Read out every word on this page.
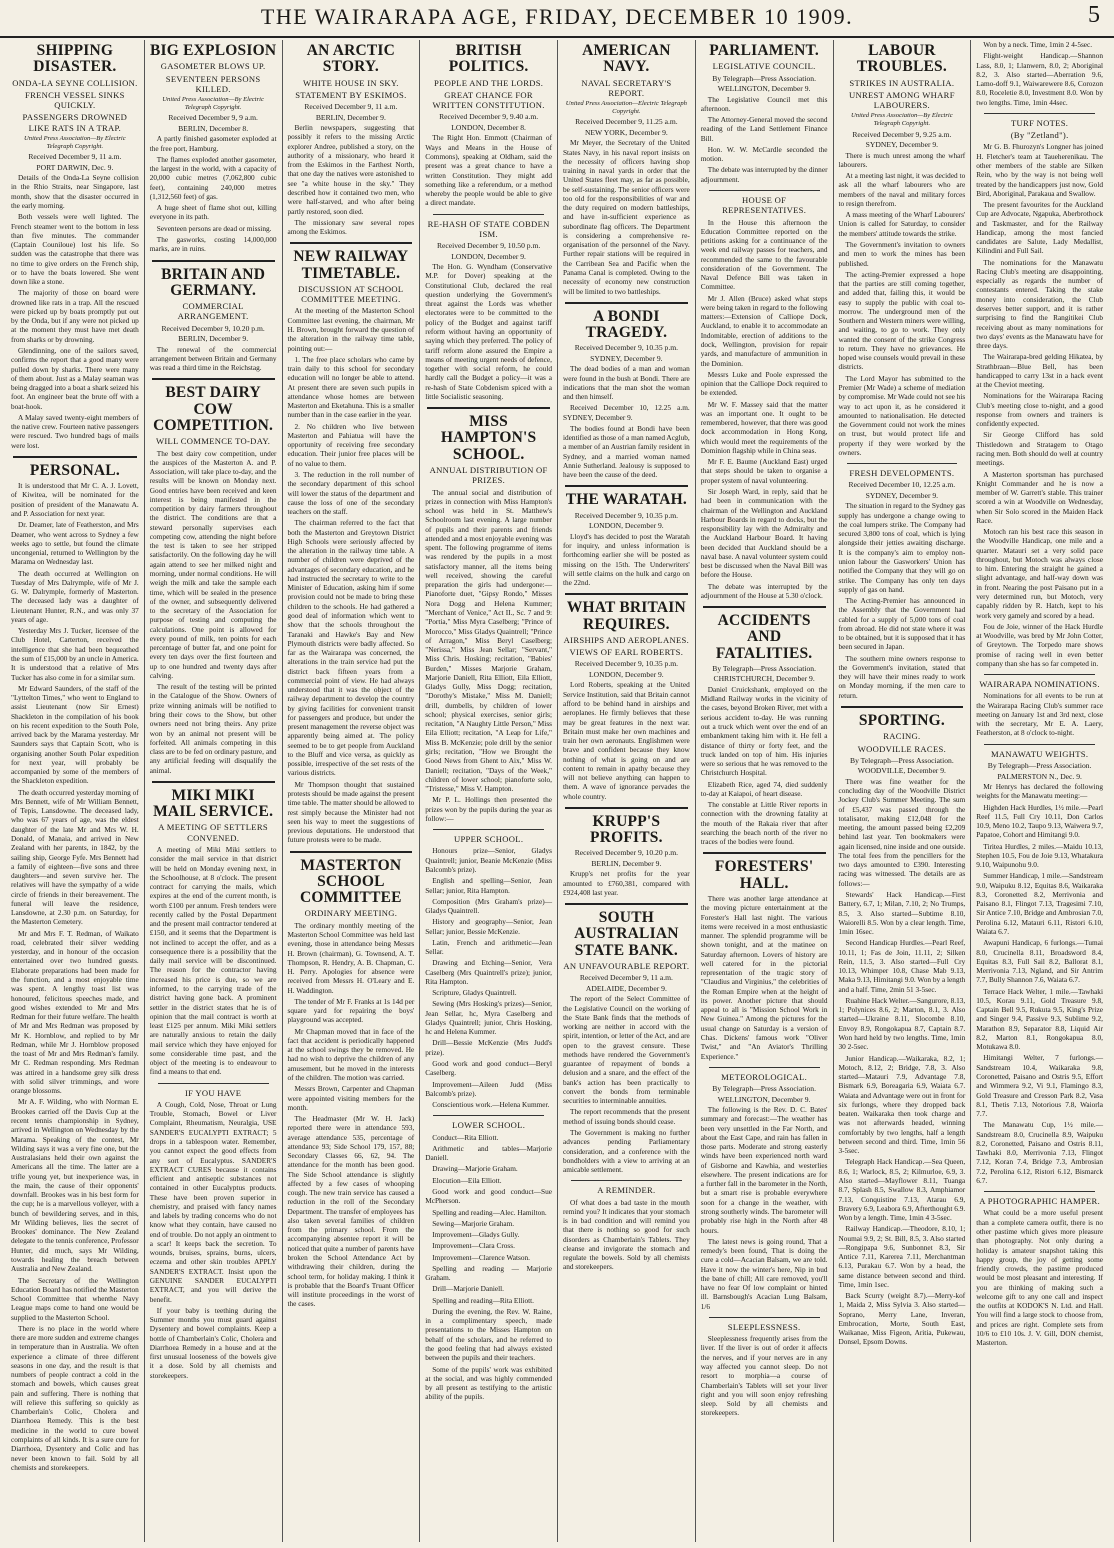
THE WAIRARAPA AGE, FRIDAY, DECEMBER 10 1909.	5
SHIPPING DISASTER.
ONDA-LA SEYNE COLLISION.
FRENCH VESSEL SINKS QUICKLY.
PASSENGERS DROWNED LIKE RATS IN A TRAP.
United Press Association—By Electric Telegraph Copyright.
Received December 9, 11 a.m.
PORT DARWIN, Dec. 9.

Details of the Onda-La Seyne collision in the Rhio Straits, near Singapore, last month, show that the disaster occurred in the early morning.

Both vessels were well lighted. The French steamer went to the bottom in less than five minutes. The commander (Captain Couniloue) lost his life. So sudden was the catastrophe that there was no time to give orders on the French ship, or to have the boats lowered. She went down like a stone.

The majority of those on board were drowned like rats in a trap. All the rescued were picked up by boats promptly put out by the Onda, but if any were not picked up at the moment they must have met death from sharks or by drowning.

Glendinning, one of the sailors saved, confirms the report that a good many were pulled down by sharks. There were many of them about. Just as a Malay seaman was being dragged into a boat a shark seized his foot. An engineer beat the brute off with a boat-hook.

A Malay saved twenty-eight members of the native crew. Fourteen native passengers were rescued. Two hundred bags of mails were lost.

PERSONAL.

It is understood that Mr C. A. J. Lovett, of Kiwitea, will be nominated for the position of president of the Manawatu A. and P. Association for next year.

Dr. Deamer, late of Featherston, and Mrs Deamer, who went across to Sydney a few weeks ago to settle, but found the climate uncongenial, returned to Wellington by the Marama on Wednesday last.

The death occurred at Wellington on Tuesday of Mrs Dalrymple, wife of Mr J. G. W. Dalrymple, formerly of Masterton. The deceased lady was a daughter of Lieutenant Hunter, R.N., and was only 37 years of age.

Yesterday Mrs J. Tucker, licensee of the Club Hotel, Carterton, received the intelligence that she had been bequeathed the sum of £15,000 by an uncle in America. It is understood that a relative of Mrs Tucker has also come in for a similar sum.

Mr Edward Saunders, of the staff of the "Lyttelton Times," who went to England to assist Lieutenant (now Sir Ernest) Shackleton in the compilation of his book on his recent expedition to the South Pole, arrived back by the Marama yesterday. Mr Saunders says that Captain Scott, who is organising another South Polar expedition for next year, will probably be accompanied by some of the members of the Shackleton expedition.

The death occurred yesterday morning of Mrs Bennett, wife of Mr William Bennett, of Tepis, Lansdowne. The deceased lady, who was 67 years of age, was the eldest daughter of the late Mr and Mrs W. H. Donald, of Manaia, and arrived in New Zealand with her parents, in 1842, by the sailing ship, George Fyfe. Mrs Bennett had a family of eighteen—five sons and three daughters—and seven survive her. The relatives will have the sympathy of a wide circle of friends in their bereavement. The funeral will leave the residence, Lansdowne, at 2.30 p.m. on Saturday, for the Masterton Cemetery.

Mr and Mrs F. T. Redman, of Waikato road, celebrated their silver wedding yesterday, and in honour of the occasion entertained over two hundred guests. Elaborate preparations had been made for the function, and a most enjoyable time was spent. A lengthy toast list was honoured, felicitous speeches made, and good wishes extended to Mr and Mrs Redman for their future welfare. The health of Mr and Mrs Redman was proposed by Mr K. Hornblow, and replied to by Mr Redman, while Mr J. Hornblow proposed the toast of Mr and Mrs Redman's family. Mr C. Redman responding. Mrs Redman was attired in a handsome grey silk dress with solid silver trimmings, and wore orange blossoms.

Mr A. F. Wilding, who with Norman E. Brookes carried off the Davis Cup at the recent tennis championship in Sydney, arrived in Wellington on Wednesday by the Marama. Speaking of the contest, Mr Wilding says it was a very fine one, but the Australasians held their own against the Americans all the time. The latter are a trifle young yet, but inexperience was, in the main, the cause of their opponents' downfall. Brookes was in his best form for the cup; he is a marvellous volleyer, with a bunch of bewildering serves, and in this, Mr Wilding believes, lies the secret of Brookes' dominance. The New Zealand delegate to the tennis conference, Professor Hunter, did much, says Mr Wilding, towards healing the breach between Australia and New Zealand.

The Secretary of the Wellington Education Board has notified the Masterton School Committee that whenthe Navy League maps come to hand one would be supplied to the Masterton School.

There is no place in the world where there are more sudden and extreme changes in temperature than in Australia. We often experience a climate of three different seasons in one day, and the result is that numbers of people contract a cold in the stomach and bowels, which causes great pain and suffering. There is nothing that will relieve this suffering so quickly as Chamberlain's Colic, Cholera and Diarrhoea Remedy. This is the best medicine in the world to cure bowel complaints of all kinds. It is a sure cure for Diarrhoea, Dysentery and Colic and has never been known to fail. Sold by all chemists and storekeepers.

BIG EXPLOSION
GASOMETER BLOWS UP.
SEVENTEEN PERSONS KILLED.
United Press Association—By Electric Telegraph Copyright.
Received December 9, 9 a.m.
BERLIN, December 8.

A partly finished gasometer exploded at the free port, Hamburg.

The flames exploded another gasometer, the largest in the world, with a capacity of 20,000 cubic metres (7,062,800 cubic feet), containing 240,000 metres (1,312,560 feet) of gas.

A huge sheet of flame shot out, killing everyone in its path.

Seventeen persons are dead or missing.

The gasworks, costing 14,000,000 marks, are in ruins.

BRITAIN AND GERMANY.
COMMERCIAL ARRANGEMENT.
Received December 9, 10.20 p.m.
BERLIN, December 9.

The renewal of the commercial arrangement between Britain and Germany was read a third time in the Reichstag.

BEST DAIRY COW COMPETITION.
WILL COMMENCE TO-DAY.

The best dairy cow competition, under the auspices of the Masterton A. and P. Association, will take place to-day, and the results will be known on Monday next. Good entries have been received and keen interest is being manifested in the competition by dairy farmers throughout the district. The conditions are that a steward personally supervises each competing cow, attending the night before the test is taken to see her stripped satisfactorily. On the following day he will again attend to see her milked night and morning, under normal conditions. He will weigh the milk and take the sample each time, which will be sealed in the presence of the owner, and subsequently delivered to the secretary of the Association for purpose of testing and computing the calculations. One point is allowed for every pound of milk, ten points for each percentage of butter fat, and one point for every ten days over the first fourteen and up to one hundred and twenty days after calving.

The result of the testing will be printed in the Catalogue of the Show. Owners of prize winning animals will be notified to bring their cows to the Show, but other owners need not bring theirs. Any prize won by an animal not present will be forfeited. All animals competing in this class are to be fed on ordinary pasture, and any artificial feeding will disqualify the animal.

MIKI MIKI MAIL SERVICE.
A MEETING OF SETTLERS CONVENED.

A meeting of Miki Miki settlers to consider the mail service in that district will be held on Monday evening next, in the Schoolhouse, at 8 o'clock. The present contract for carrying the mails, which expires at the end of the current month, is worth £100 per annum. Fresh tenders were recently called by the Postal Department and the present mail contractor tendered at £150, and it seems that the Department is not inclined to accept the offer, and as a consequence there is a possibility that the daily mail service will be discontinued. The reason for the contractor having increased his price is due, so we are informed, to the carrying trade of the district having gone back. A prominent settler in the district states that he is of opinion that the mail contract is worth at least £125 per annum. Miki Miki settlers are naturally anxious to retain the daily mail service which they have enjoyed for some considerable time past, and the object of the meeting is to endeavour to find a means to that end.

IF YOU HAVE

A Cough, Cold, Nose, Throat or Lung Trouble, Stomach, Bowel or Liver Complaint, Rheumatism, Neuralgia, USE SANDER'S EUCALYPTI EXTRACT; 5 drops in a tablespoon water. Remember, you cannot expect the good effects from any sort of Eucalyptus. SANDER'S EXTRACT CURES because it contains efficient and antiseptic substances not contained in other Eucalyptus products. These have been proven superior in chemistry, and praised with fancy names and labels by trading concerns who do not know what they contain, have caused no end of trouble. Do not apply an ointment to a scar! It keeps back the secretion. To wounds, bruises, sprains, burns, ulcers, eczema and other skin troubles APPLY SANDER'S EXTRACT. Insist upon the GENUINE SANDER EUCALYPTI EXTRACT, and you will derive the benefit.

If your baby is teething during the Summer months you must guard against Dysentery and bowel complaints. Keep a bottle of Chamberlain's Colic, Cholera and Diarrhoea Remedy in a house and at the first unusual looseness of the bowels give it a dose. Sold by all chemists and storekeepers.

AN ARCTIC STORY.
WHITE HOUSE IN SKY.
STATEMENT BY ESKIMOS.
Received December 9, 11 a.m.
BERLIN, December 9.

Berlin newspapers, suggesting that possibly it refers to the missing Arctic explorer Andree, published a story, on the authority of a missionary, who heard it from the Eskimos in the Farthest North, that one day the natives were astonished to see "a white house in the sky." They described how it contained two men, who were half-starved, and who after being partly restored, soon died.

The missionary saw several ropes among the Eskimos.

NEW RAILWAY TIMETABLE.
DISCUSSION AT SCHOOL COMMITTEE MEETING.

At the meeting of the Masterton School Committee last evening, the chairman, Mr H. Brown, brought forward the question of the alteration in the railway time table, pointing out:—

1. The free place scholars who came by train daily to this school for secondary education will no longer be able to attend. At present there are seven such pupils in attendance whose homes are between Masterton and Eketahuna. This is a smaller number than in the case earlier in the year.

2. No children who live between Masterton and Pahiatua will have the opportunity of receiving free secondary education. Their junior free places will be of no value to them.

3. The reduction in the roll number of the secondary department of this school will lower the status of the department and cause the loss of one of the secondary teachers on the staff.

The chairman referred to the fact that both the Masterton and Greytown District High Schools were seriously affected by the alteration in the railway time table. A number of children were deprived of the advantages of secondary education, and he had instructed the secretary to write to the Minister of Education, asking him if some provision could not be made to bring these children to the schools. He had gathered a good deal of information which went to show that the schools throughout the Taranaki and Hawke's Bay and New Plymouth districts were badly affected. So far as the Wairarapa was concerned, the alterations in the train service had put the district back fifteen years from a commercial point of view. He had always understood that it was the object of the railway department to develop the country by giving facilities for convenient transit for passengers and produce, but under the present management the reverse object was apparently being aimed at. The policy seemed to be to get people from Auckland to the Bluff and vice versa, as quickly as possible, irrespective of the set rests of the various districts.

Mr Thompson thought that sustained protests should be made against the present time table. The matter should be allowed to rest simply because the Minister had not seen his way to meet the suggestions of previous deputations. He understood that future protests were to be made.

MASTERTON SCHOOL COMMITTEE
ORDINARY MEETING.

The ordinary monthly meeting of the Masterton School Committee was held last evening, those in attendance being Messrs H. Brown (chairman), G. Townsend, A. T. Thompson, R. Hendry, A. B. Chapman, C. H. Perry. Apologies for absence were received from Messrs H. O'Leary and E. H. Waddington.

The tender of Mr F. Franks at 1s 14d per square yard for repairing the boys' playground was accepted.

Mr Chapman moved that in face of the fact that accident is periodically happened at the school swings they be removed. He had no wish to deprive the children of any amusement, but he moved in the interests of the children. The motion was carried.

Messrs Brown, Carpenter and Chapman were appointed visiting members for the month.

The Headmaster (Mr W. H. Jack) reported there were in attendance 593, average attendance 535, percentage of attendance 93; Side School 179, 157, 88; Secondary Classes 66, 62, 94. The attendance for the month has been good. The Side School attendance is slightly affected by a few cases of whooping cough. The new train service has caused a reduction in the roll of the Secondary Department. The transfer of employees has also taken several families of children from the primary school. From the accompanying absentee report it will be noticed that quite a number of parents have broken the School Attendance Act by withdrawing their children, during the school term, for holiday making. I think it is probable that the Board's Truant Officer will institute proceedings in the worst of the cases.

BRITISH POLITICS.
PEOPLE AND THE LORDS.
GREAT CHANCE FOR WRITTEN CONSTITUTION.
Received December 9, 9.40 a.m.
LONDON, December 8.

The Right Hon. Emmott (Chairman of Ways and Means in the House of Commons), speaking at Oldham, said the present was a great chance to have a written Constitution. They might add something like a referendum, or a method whereby the people would be able to give a direct mandate.

RE-HASH OF STATE COBDEN ISM.
Received December 9, 10.50 p.m.
LONDON, December 9.

The Hon. G. Wyndham (Conservative M.P. for Dover) speaking at the Constitutional Club, declared the real question underlying the Government's threat against the Lords was whether electorates were to be committed to the policy of the Budget and against tariff reform without having an opportunity of saying which they preferred. The policy of tariff reform alone assured the Empire a means of meeting urgent needs of defence, together with social reform, he could hardly call the Budget a policy—it was a re-hash of State Cobdenism spiced with a little Socialistic seasoning.

MISS HAMPTON'S SCHOOL.
ANNUAL DISTRIBUTION OF PRIZES.

The annual social and distribution of prizes in connection with Miss Hampton's school was held in St. Matthew's Schoolroom last evening. A large number of pupils and their parents and friends attended and a most enjoyable evening was spent. The following programme of items was rendered by the pupils in a most satisfactory manner, all the items being well received, showing the careful preparation the girls had undergone:—Pianoforte duet, "Gipsy Rondo," Misses Nora Dogg and Helena Kummer; "Merchant of Venice," Act II., Sc. 7 and 9: "Portia," Miss Myra Caselberg; "Prince of Morocco," Miss Gladys Quaintrell; "Prince of Arragon," Miss Beryl Caselberg; "Nerissa," Miss Jean Sellar; "Servant," Miss Chris. Hosking; recitation, "Babies' Burden," Misses Marjorie Graham, Marjorie Daniell, Rita Elliott, Eila Elliott, Gladys Gully, Miss Dogg; recitation, "Dorothy's Mistake," Miss M. Daniell; drill, dumbells, by children of lower school; physical exercises, senior girls; recitation, "A Naughty Little Person," Miss Eila Elliott; recitation, "A Leap for Life," Miss B. McKenzie; pole drill by the senior girls; recitation, "How we Brought the Good News from Ghent to Aix," Miss W. Daniell; recitation, "Days of the Week," children of lower school; pianoforte solo, "Tristesse," Miss V. Hampton.

Mr P. L. Hollings then presented the prizes won by the pupils during the year as follow:—

UPPER SCHOOL.

Honours prize—Senior, Gladys Quaintrell; junior, Beanie McKenzie (Miss Balcomb's prize).

English and spelling—Senior, Jean Sellar; junior, Rita Hampton.

Composition (Mrs Graham's prize)—Gladys Quaintrell.

History and geography—Senior, Jean Sellar; junior, Bessie McKenzie.

Latin, French and arithmetic—Jean Sellar.

Drawing and Etching—Senior, Vera Caselberg (Mrs Quaintrell's prize); junior, Rita Hampton.

Scripture, Gladys Quaintrell.

Sewing (Mrs Hosking's prizes)—Senior, Jean Sellar, hc, Myra Caselberg and Gladys Quaintrell; junior, Chris Hosking, hc and Helena Kummer.

Drill—Bessie McKenzie (Mrs Judd's prize).

Good work and good conduct—Beryl Caselberg.

Improvement—Aileen Judd (Miss Balcomb's prize).

Conscientious work.—Helena Kummer.

LOWER SCHOOL.

Conduct—Rita Elliott.

Arithmetic and tables—Marjorie Daniell.

Drawing—Marjorie Graham.

Elocution—Eila Elliott.

Good work and good conduct—Sue McPherson.

Spelling and reading—Alec. Hamilton.

Sewing—Marjorie Graham.

Improvement—Gladys Gully.

Improvement—Clara Cross.

Improvement—Clarence Watson.

Spelling and reading — Marjorie Graham.

Drill—Marjorie Daniell.

Spelling and reading—Rita Elliott.

During the evening, the Rev. W. Raine, in a complimentary speech, made presentations to the Misses Hampton on behalf of the scholars, and he referred to the good feeling that had always existed between the pupils and their teachers.

Some of the pupils' work was exhibited at the social, and was highly commended by all present as testifying to the artistic ability of the pupils.

AMERICAN NAVY.
NAVAL SECRETARY'S REPORT.
United Press Association—Electric Telegraph Copyright.
Received December 9, 11.25 a.m.
NEW YORK, December 9.

Mr Meyer, the Secretary of the United States Navy, in his naval report insists on the necessity of officers having shop training in naval yards in order that the United States fleet may, as far as possible, be self-sustaining. The senior officers were too old for the responsibilities of war and the duty required on modern battleships, and have in-sufficient experience as subordinate flag officers. The Department is considering a comprehensive re-organisation of the personnel of the Navy. Further repair stations will be required in the Carribean Sea and Pacific when the Panama Canal is completed. Owing to the necessity of economy new construction will be limited to two battleships.

A BONDI TRAGEDY.
Received December 9, 10.35 p.m.
SYDNEY, December 9.

The dead bodies of a man and woman were found in the bush at Bondi. There are indications that the man shot the woman and then himself.

Received December 10, 12.25 a.m. SYDNEY, December 9.

The bodies found at Bondi have been identified as those of a man named Acglub, a member of an Austrian family resident in Sydney, and a married woman named Annie Sutherland. Jealousy is supposed to have been the cause of the deed.

THE WARATAH.
Received December 9, 10.35 p.m.
LONDON, December 9.

Lloyd's has decided to post the Waratah for inquiry, and unless information is forthcoming earlier she will be posted as missing on the 15th. The Underwriters' will settle claims on the hulk and cargo on the 22nd.

WHAT BRITAIN REQUIRES.
AIRSHIPS AND AEROPLANES.
VIEWS OF EARL ROBERTS.
Received December 9, 10.35 p.m.
LONDON, December 9.

Lord Roberts, speaking at the United Service Institution, said that Britain cannot afford to be behind hand in airships and aeroplanes. He firmly believes that these may be great features in the next war. Britain must make her own machines and train her own aeronauts. Englishmen were brave and confident because they know nothing of what is going on and are content to remain in apathy because they will not believe anything can happen to them. A wave of ignorance pervades the whole country.

KRUPP'S PROFITS.
Received December 9, 10.20 p.m.
BERLIN, December 9.

Krupp's net profits for the year amounted to £760,381, compared with £924,408 last year.

SOUTH AUSTRALIAN STATE BANK.
AN UNFAVOURABLE REPORT.
Received December 9, 11 a.m.
ADELAIDE, December 9.

The report of the Select Committee of the Legislative Council on the working of the State Bank finds that the methods of working are neither in accord with the spirit, intention, or letter of the Act, and are open to the gravest censure. These methods have rendered the Government's guarantee of repayment of bonds a delusion and a snare, and the effect of the bank's action has been practically to convert the bonds from terminable securities to interminable annuities.

The report recommends that the present method of issuing bonds should cease.

The Government is making no further advances pending Parliamentary consideration, and a conference with the bondholders with a view to arriving at an amicable settlement.

A REMINDER.

Of what does a bad taste in the mouth remind you? It indicates that your stomach is in bad condition and will remind you that there is nothing so good for such disorders as Chamberlain's Tablets. They cleanse and invigorate the stomach and regulate the bowels. Sold by all chemists and storekeepers.

PARLIAMENT.
LEGISLATIVE COUNCIL.
By Telegraph—Press Association.
WELLINGTON, December 9.

The Legislative Council met this afternoon.

The Attorney-General moved the second reading of the Land Settlement Finance Bill.

Hon. W. W. McCardle seconded the motion.

The debate was interrupted by the dinner adjournment.

HOUSE OF REPRESENTATIVES.

In the House this afternoon the Education Committee reported on the petitions asking for a continuance of the week end railway passes for teachers, and recommended the same to the favourable consideration of the Government. The Naval Defence Bill was taken in Committee.

Mr J. Allen (Bruce) asked what steps were being taken in regard to the following matters:—Extension of Calliope Dock, Auckland, to enable it to accommodate an Indomitable, erection of additions to the dock, Wellington, provision for repair yards, and manufacture of ammunition in the Dominion.

Messrs Luke and Poole expressed the opinion that the Calliope Dock required to be extended.

Mr W. F. Massey said that the matter was an important one. It ought to be remembered, however, that there was good dock accommodation in Hong Kong, which would meet the requirements of the Dominion flagship while in China seas.

Mr F. E. Baume (Auckland East) urged that steps should be taken to organise a proper system of naval volunteering.

Sir Joseph Ward, in reply, said that he had been in communication with the chairman of the Wellington and Auckland Harbour Boards in regard to docks, but the responsibility lay with the Admiralty and the Auckland Harbour Board. It having been decided that Auckland should be a naval base. A naval volunteer system could best be discussed when the Naval Bill was before the House.

The debate was interrupted by the adjournment of the House at 5.30 o'clock.

ACCIDENTS AND FATALITIES.
By Telegraph—Press Association.
CHRISTCHURCH, December 9.

Daniel Cruickshank, employed on the Midland Railway works in the vicinity of the cases, beyond Broken River, met with a serious accident to-day. He was running out a truck which went over the end of an embankment taking him with it. He fell a distance of thirty or forty feet, and the truck landed on top of him. His injuries were so serious that he was removed to the Christchurch Hospital.

Elizabeth Rice, aged 74, died suddenly to-day at Kaiapoi, of heart disease.

The constable at Little River reports in connection with the drowning fatality at the mouth of the Rakaia river that after searching the beach north of the river no traces of the bodies were found.

FORESTERS' HALL.

There was another large attendance at the moving picture entertainment at the Forester's Hall last night. The various items were received in a most enthusiastic manner. The splendid programme will be shown tonight, and at the matinee on Saturday afternoon. Lovers of history are well catered for in the pictorial representation of the tragic story of "Claudius and Virginius," the celebrities of the Roman Empire when at the height of its power. Another picture that should appeal to all is "Mission School Work in New Guinea." Among the pictures for the usual change on Saturday is a version of Chas. Dickens' famous work "Oliver Twist," and "An Aviator's Thrilling Experience."

METEOROLOGICAL.
By Telegraph—Press Association.
WELLINGTON, December 9.

The following is the Rev. D. C. Bates' summary and forecast:—The weather has been very unsettled in the Far North, and about the East Cape, and rain has fallen in those parts. Moderate and strong easterly winds have been experienced north ward of Gisborne and Kawhia, and westerlies elsewhere. The present indications are for a further fall in the barometer in the North, but a smart rise is probable everywhere soon for a change in the weather, with strong southerly winds. The barometer will probably rise high in the North after 48 hours.

The latest news is going round, That a remedy's been found, That is doing the cure a cold—Acacian Balsam, we are told. Have it now the winter's here, Nip in bud the bane of chill; All care removed, you'll have no fear Of low complaint or hinted ill. Barnsbough's Acacian Lung Balsam, 1/6

SLEEPLESSNESS.

Sleeplessness frequently arises from the liver. If the liver is out of order it affects the nerves, and if your nerves are in any way affected you cannot sleep. Do not resort to morphia—a course of Chamberlain's Tablets will set your liver right and you will soon enjoy refreshing sleep. Sold by all chemists and storekeepers.

LABOUR TROUBLES.
STRIKES IN AUSTRALIA.
UNREST AMONG WHARF LABOURERS.
United Press Association—By Electric Telegraph Copyright.
Received December 9, 9.25 a.m.
SYDNEY, December 9.

There is much unrest among the wharf labourers.

At a meeting last night, it was decided to ask all the wharf labourers who are members of the naval and military forces to resign therefrom.

A mass meeting of the Wharf Labourers' Union is called for Saturday, to consider the members' attitude towards the strike.

The Government's invitation to owners and men to work the mines has been published.

The acting-Premier expressed a hope that the parties are still coming together, and added that, failing this, it would be easy to supply the public with coal to-morrow. The underground men of the Southern and Western miners were willing, and waiting, to go to work. They only wanted the consent of the strike Congress to return. They have no grievances. He hoped wise counsels would prevail in these districts.

The Lord Mayor has submitted to the Premier (Mr Wade) a scheme of mediation by compromise. Mr Wade could not see his way to act upon it, as he considered it amounted to nationalisation. He detected the Government could not work the mines on trust, but would protect life and property if they were worked by the owners.

FRESH DEVELOPMENTS.
Received December 10, 12.25 a.m.
SYDNEY, December 9.

The situation in regard to the Sydney gas supply has undergone a change owing to the coal lumpers strike. The Company had secured 3,800 tons of coal, which is lying alongside their jetties awaiting discharge. It is the company's aim to employ non-union labour the Gasworkers' Union has notified the Company that they will go on strike. The Company has only ten days supply of gas on hand.

The Acting-Premier has announced in the Assembly that the Government had cabled for a supply of 5,000 tons of coal from abroad. He did not state where it was to be obtained, but it is supposed that it has been secured in Japan.

The southern mine owners response to the Government's invitation, stated that they will have their mines ready to work on Monday morning, if the men care to return.

SPORTING.
RACING.
WOODVILLE RACES.
By Telegraph—Press Association.
WOODVILLE, December 9.

There was fine weather for the concluding day of the Woodville District Jockey Club's Summer Meeting. The sum of £5,437 was passed through the totalisator, making £12,048 for the meeting, the amount passed being £2,209 behind last year. Ten bookmakers were again licensed, nine inside and one outside. The total fees from the pencillers for the two days amounted to £390. Interesting racing was witnessed. The details are as follows:—

Stewards' Hack Handicap.—First Battery, 6.7, 1; Milan, 7.10, 2; No Trumps, 8.5, 3. Also started—Subtime 8.10, Waiorelli 8.5. Won by a clear length. Time, 1min 16sec.

Second Handicap Hurdles.—Pearl Reef, 10.11, 1; Fas de Join, 11.11, 2; Silken Rein, 11.5, 3. Also started—Full Cry 10.13, Whimper 10.8, Chase Mab 9.13, Maka 9.13, Himitangi 9.0. Won by a length and a half. Time, 2min 51 3-5sec.

Ruahine Hack Welter.—Sangurore, 8.13, 1; Polynices 8.6, 2; Marton, 8.1, 3. Also started—Ukraine 8.11, Slocombe 8.10, Envoy 8.9, Rongokapua 8.7, Captain 8.7. Won hard held by two lengths. Time, 1min 30 2-5sec.

Junior Handicap.—Waikaraka, 8.2, 1; Motoch, 8.12, 2; Bridge, 7.8, 3. Also started—Matauri 7.9, Advantage 7.8, Bismark 6.9, Boreagaria 6.9, Waiata 6.7. Waiata and Advantage were out in front for six furlongs, where they dropped back beaten. Waikaraka then took charge and was not afterwards headed, winning comfortably by two lengths, half a length between second and third. Time, 1min 56 3-5sec.

Telegraph Hack Handicap.—Sea Queen, 8.6, 1; Warlock, 8.5, 2; Kilmurloe, 6.9, 3. Also started—Mayflower 8.11, Tuanga 8.7, Splash 8.5, Swallow 8.3, Amphiamor 7.13, Conquistine 7.13, Atarau 6.9, Bravery 6.9, Leabora 6.9, Afterthought 6.9. Won by a length. Time, 1min 4 3-5sec.

Railway Handicap.—Theodore, 8.10, 1; Noumai 9.9, 2; St. Bill, 8.5, 3. Also started—Rongipapa 9.6, Sunbonnet 8.3, Sir Antice 7.11, Karerea 7.11, Merchantman 6.13, Purakau 6.7. Won by a head, the same distance between second and third. Time, 1min 1sec.

Back Scurry (weight 8.7).—Merry-kof 1, Maida 2, Miss Sylvia 3. Also started—Soprano, Merry Lane, Inveran, Embrocation, Morte, South East, Waikanae, Miss Figeon, Aritia, Pukewau, Donsel, Epsom Downs.

Won by a neck. Time, 1min 2 4-5sec.

Flight-weight Handicap.—Shannon Lass, 8.0, 1; Llanwern, 8.0, 2; Aboriginal 8.2, 3. Also started—Aberration 9.6, Lamo-doff 9.1, Waiwarewere 8.6, Corozon 8.0, Roceletie 8.0, Investment 8.0. Won by two lengths. Time, 1min 44sec.

TURF NOTES.
(By "Zetland").

Mr G. B. Fhurozyn's Longner has joined H. Fletcher's team at Taueherenikau. The other members of the stable are Silken Rein, who by the way is not being well treated by the handicappers just now, Gold Bird, Aboriginal, Parakaua and Swallow.

The present favourites for the Auckland Cup are Advocate, Ngapuka, Aberbrothock and Taskmaster, and for the Railway Handicap, among the most fancied candidates are Salute, Lady Medallist, Kilindini and Full Sail.

The nominations for the Manawatu Racing Club's meeting are disappointing, especially as regards the number of contestants entered. Taking the stake money into consideration, the Club deserves better support, and it is rather surprising to find the Rangitikei Club receiving about as many nominations for two days' events as the Manawatu have for three days.

The Wairarapa-bred gelding Hikatea, by Strathbraan—Blue Bell, has been handicapped to carry 13st in a hack event at the Cheviot meeting.

Nominations for the Wairarapa Racing Club's meeting close to-night, and a good response from owners and trainers is confidently expected.

Sir George Clifford has sold Thistledown and Stratagem to Otago racing men. Both should do well at country meetings.

A Masterton sportsman has purchased Knight Commander and he is now a member of W. Garrett's stable. This trainer scored a win at Woodville on Wednesday, when Sir Solo scored in the Maiden Hack Race.

Motoch ran his best race this season in the Woodville Handicap, one mile and a quarter. Matauri set a very solid pace throughout, but Motoch was always close to him. Entering the straight he gained a slight advantage, and half-way down was in front. Nearing the post Paisano put in a very determined run, but Motoch, very capably ridden by R. Hatch, kept to his work very gamely and scored by a head.

Fou de Joie, winner of the Hack Hurdle at Woodville, was bred by Mr John Cotter, of Greytown. The Torpedo mare shows promise of racing well in even better company than she has so far competed in.

WAIRARAPA NOMINATIONS.

Nominations for all events to be run at the Wairarapa Racing Club's summer race meeting on January 1st and 3rd next, close with the secretary, Mr E. A. Laery, Featherston, at 8 o'clock to-night.

MANAWATU WEIGHTS.
By Telegraph—Press Association.
PALMERSTON N., Dec. 9.

Mr Henrys has declared the following weights for the Manawatu meeting:—

Highden Hack Hurdles, 1½ mile.—Pearl Reef 11.5, Full Cry 10.11, Don Carlos 10.9, Meno 10.2, Taupo 9.13, Waiwera 9.7, Papatoe, Cohort and Himitangi 9.0.

Tiritea Hurdles, 2 miles.—Maidu 10.13, Stephen 10.5, Fou de Joie 9.13, Whatakura 9.10, Waipunohu 9.0.

Summer Handicap, 1 mile.—Sandstream 9.0, Waipuku 8.12, Equitas 8.6, Waikaraka 8.3, Coronetted 8.2, Merrivonia and Paisano 8.1, Flingot 7.13, Tragesimi 7.10, Sir Antice 7.10, Bridge and Ambrosian 7.0, Perolina 6.12, Matauri 6.11, Ristori 6.10, Waiata 6.7.

Awapuni Handicap, 6 furlongs.—Tumai 8.0, Crucinella 8.11, Broadsword 8.4, Equitas 8.3, Full Sail 8.2, Ballorat 8.1, Merrivonia 7.13, Ngland, and Sir Antrim 7.7, Bully Shannon 7.6, Waiata 6.7.

Terrace Hack Welter, 1 mile.—Tawhaki 10.5, Korau 9.11, Gold Treasure 9.8, Captain Bell 9.5, Rukuta 9.5, King's Prize and Singer 9.4, Passive 9.3, Sublime 9.2, Marathon 8.9, Separator 8.8, Liquid Air 8.2, Marton 8.1, Rongokapua 8.0, Motukawa 8.0.

Himitangi Welter, 7 furlongs.—Sandstream 10.4, Waikaraka 9.8, Coronetted, Paisano and Ostris 9.5, Effort and Wimmera 9.2, Vi 9.1, Flamingo 8.3, Gold Treasure and Cresson Park 8.2, Vasa 8.1, Thetis 7.13, Notorious 7.8, Waiorla 7.7.

The Manawatu Cup, 1½ mile.—Sandstream 8.0, Crucinella 8.9, Waipuku 8.2, Coronetted, Paisano and Ostris 8.11, Tawhaki 8.0, Merrivonia 7.13, Flingot 7.12, Koran 7.4, Bridge 7.3, Ambrosian 7.2, Perolina 6.12, Ristori 6.12, Bismarck 6.7.

A PHOTOGRAPHIC HAMPER.

What could be a more useful present than a complete camera outfit, there is no other pastime which gives more pleasure than photography. Not only during a holiday is amateur snapshot taking this happy group, the joy of getting some friendly crowds, the pastime produced would be most pleasant and interesting. If you are thinking of making such a welcome gift to any one call and inspect the outfits at KODOK'S N. Ltd. and Hall. You will find a large stock to choose from, and prices are right. Complete sets from 10/6 to £10 10s. J. V. Gill, DON chemist, Masterton.
